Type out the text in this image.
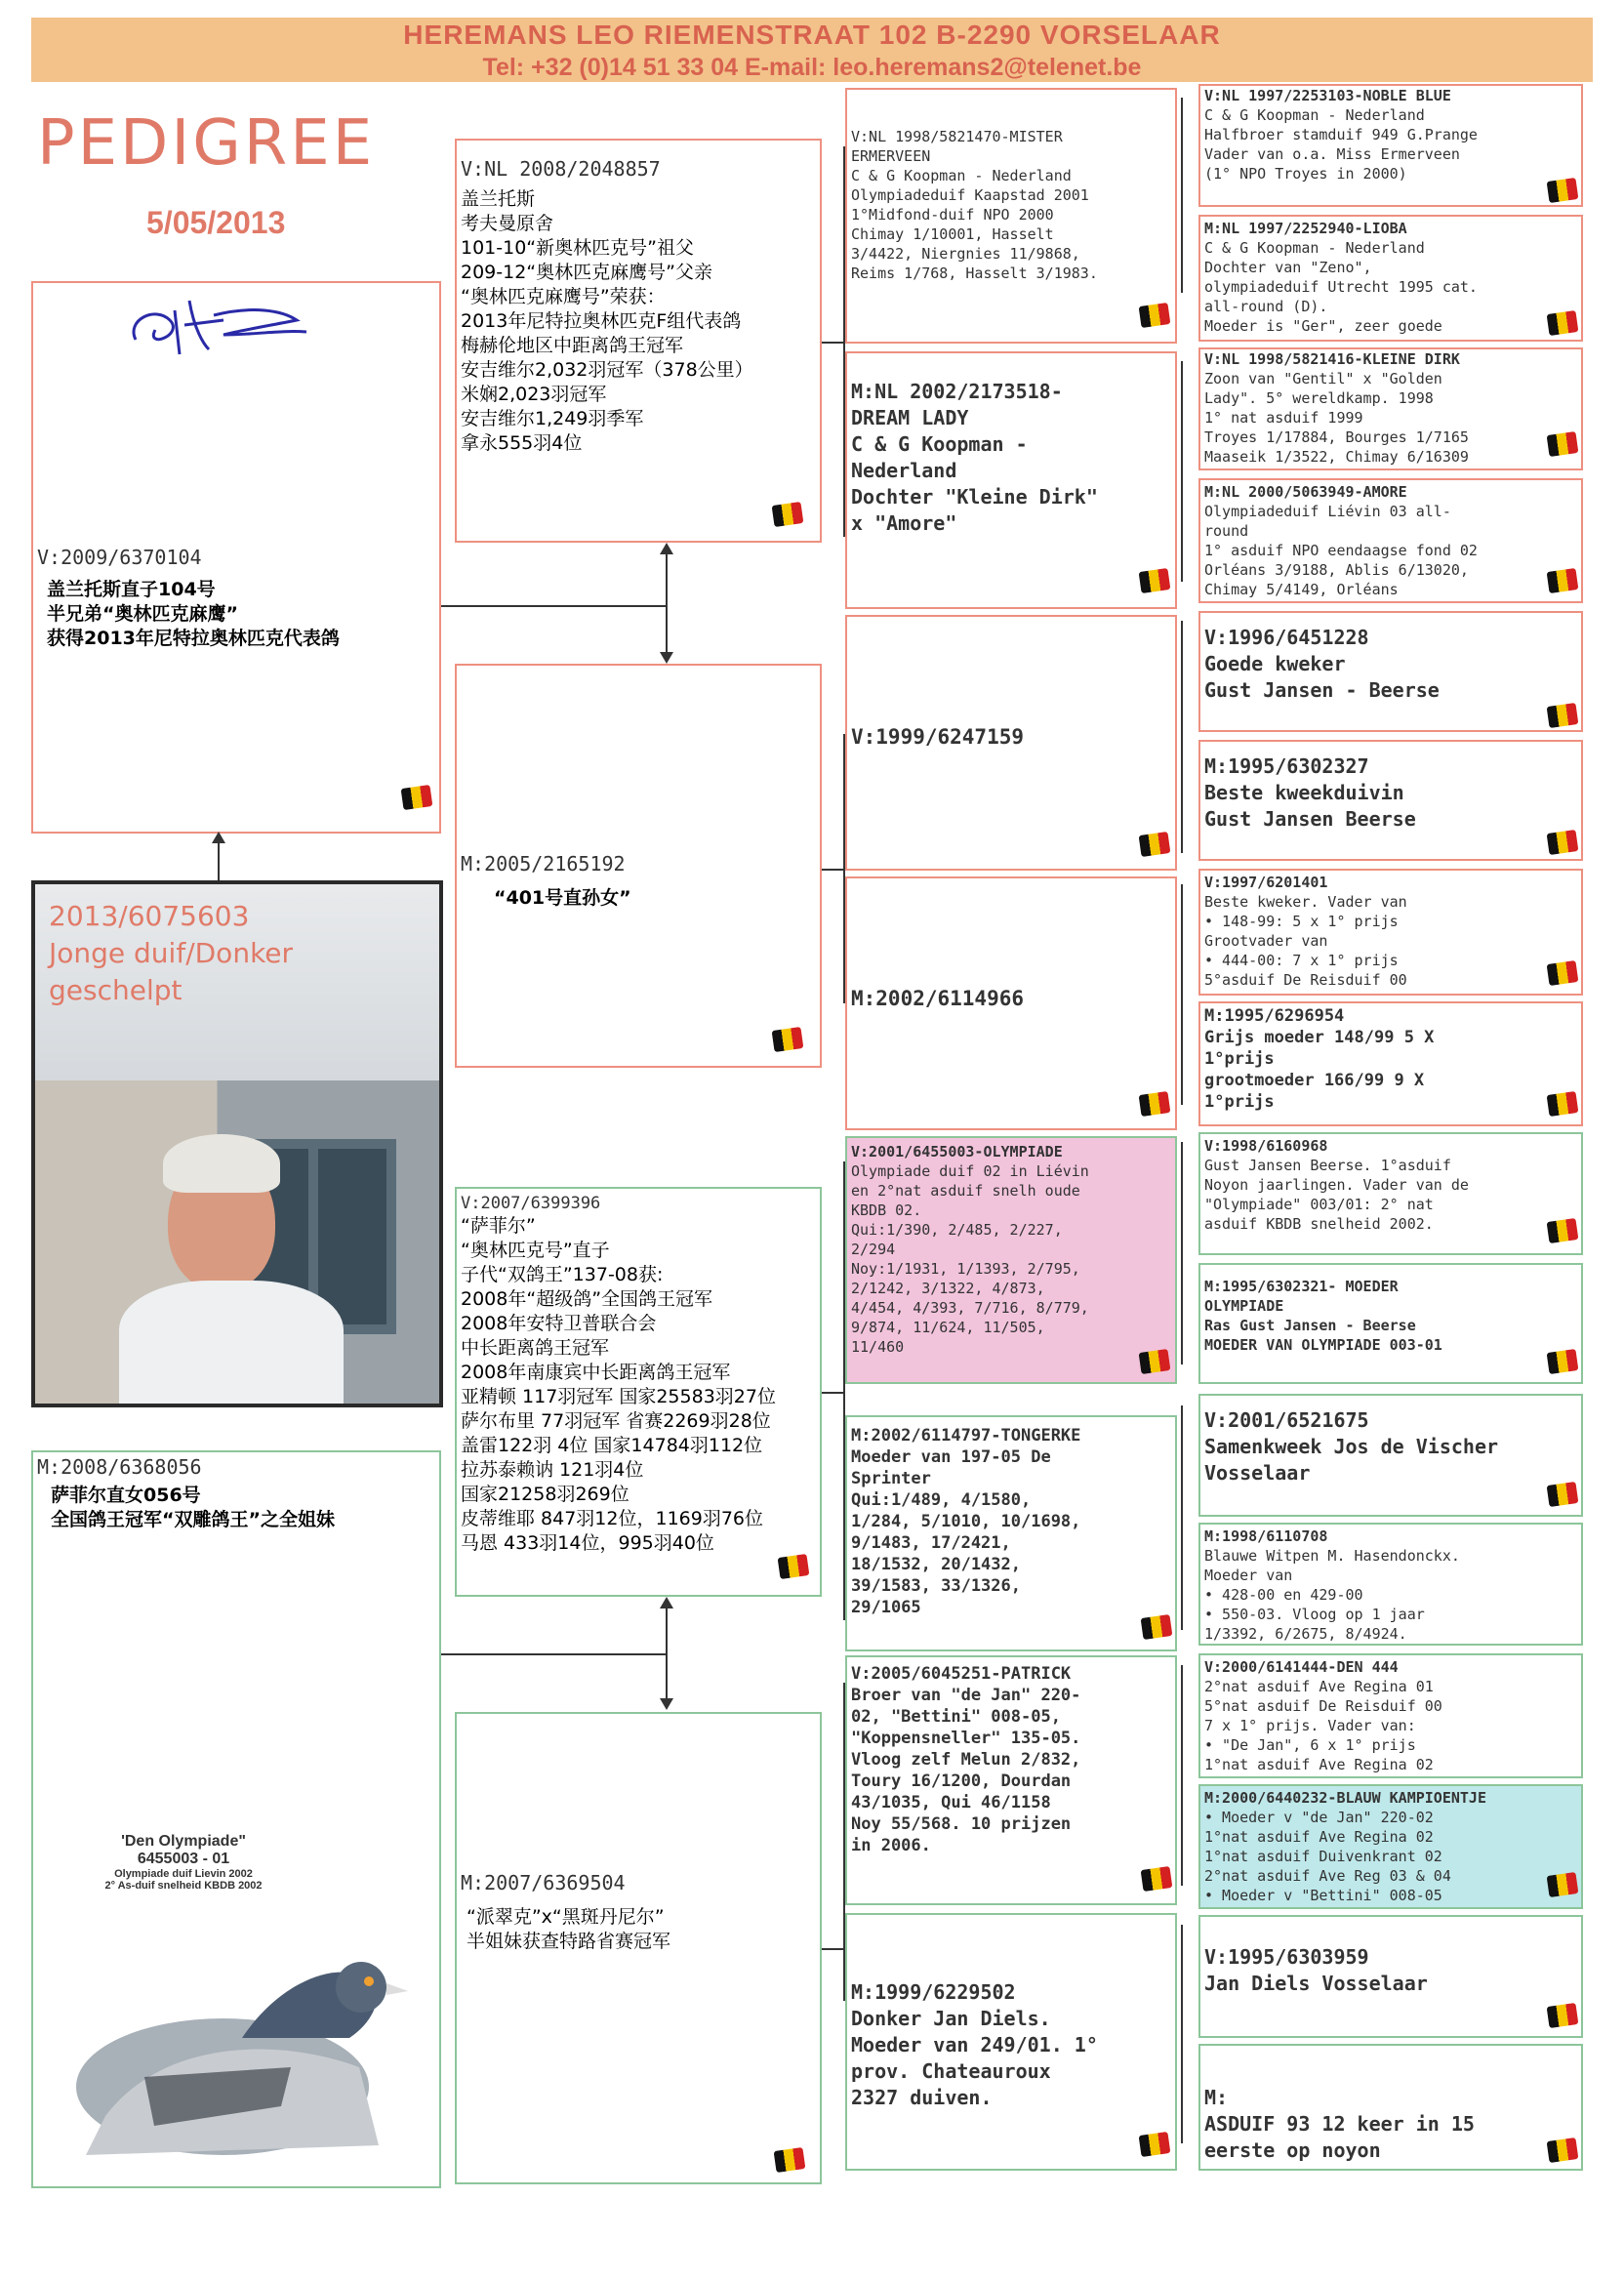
HEREMANS LEO RIEMENSTRAAT 102 B-2290 VORSELAAR
Tel: +32 (0)14 51 33 04 E-mail: leo.heremans2@telenet.be
PEDIGREE
5/05/2013
V:2009/6370104

盖兰托斯直子104号

半兄弟“奥林匹克麻鹰”

获得2013年尼特拉奥林匹克代表鸽

2013/6075603
Jonge duif/Donker
geschelpt
M:2008/6368056

萨菲尔直女056号

全国鸽王冠军“双雕鸽王”之全姐妹

'Den Olympiade"
6455003 - 01
Olympiade duif Lievin 2002
2° As-duif snelheid KBDB 2002
V:NL 2008/2048857

盖兰托斯

考夫曼原舍

101-10“新奥林匹克号”祖父

209-12“奥林匹克麻鹰号”父亲

“奥林匹克麻鹰号”荣获：

2013年尼特拉奥林匹克F组代表鸽

梅赫伦地区中距离鸽王冠军

安吉维尔2,032羽冠军（378公里）

米娴2,023羽冠军

安吉维尔1,249羽季军

拿永555羽4位

M:2005/2165192

“401号直孙女”

V:2007/6399396

“萨菲尔”

“奥林匹克号”直子

子代“双鸽王”137-08获:

2008年“超级鸽”全国鸽王冠军

2008年安特卫普联合会

中长距离鸽王冠军

2008年南康宾中长距离鸽王冠军

亚精顿 117羽冠军 国家25583羽27位

萨尔布里 77羽冠军 省赛2269羽28位

盖雷122羽 4位 国家14784羽112位

拉苏泰赖讷 121羽4位

国家21258羽269位

皮蒂维耶 847羽12位，1169羽76位

马恩 433羽14位，995羽40位

M:2007/6369504

“派翠克”x“黑斑丹尼尔”

半姐妹获查特路省赛冠军

V:NL 1998/5821470-MISTER
ERMERVEEN
C & G Koopman - Nederland
Olympiadeduif Kaapstad 2001
1°Midfond-duif NPO 2000
Chimay 1/10001, Hasselt
3/4422, Niergnies 11/9868,
Reims 1/768, Hasselt 3/1983.
M:NL 2002/2173518-
DREAM LADY
C & G Koopman -
Nederland
Dochter "Kleine Dirk"
x "Amore"
V:1999/6247159
M:2002/6114966
V:2001/6455003-OLYMPIADE
Olympiade duif 02 in Liévin
en 2°nat asduif snelh oude
KBDB 02.
Qui:1/390, 2/485, 2/227,
2/294
Noy:1/1931, 1/1393, 2/795,
2/1242, 3/1322, 4/873,
4/454, 4/393, 7/716, 8/779,
9/874, 11/624, 11/505,
11/460
M:2002/6114797-TONGERKE
Moeder van 197-05 De
Sprinter
Qui:1/489, 4/1580,
1/284, 5/1010, 10/1698,
9/1483, 17/2421,
18/1532, 20/1432,
39/1583, 33/1326,
29/1065
V:2005/6045251-PATRICK
Broer van "de Jan" 220-
02, "Bettini" 008-05,
"Koppensneller" 135-05.
Vloog zelf Melun 2/832,
Toury 16/1200, Dourdan
43/1035, Qui 46/1158
Noy 55/568. 10 prijzen
in 2006.
M:1999/6229502
Donker Jan Diels.
Moeder van 249/01. 1°
prov. Chateauroux
2327 duiven.
V:NL 1997/2253103-NOBLE BLUE
C & G Koopman - Nederland
Halfbroer stamduif 949 G.Prange
Vader van o.a. Miss Ermerveen
(1° NPO Troyes in 2000)
M:NL 1997/2252940-LIOBA
C & G Koopman - Nederland
Dochter van "Zeno",
olympiadeduif Utrecht 1995 cat.
all-round (D).
Moeder is "Ger", zeer goede
V:NL 1998/5821416-KLEINE DIRK
Zoon van "Gentil" x "Golden
Lady". 5° wereldkamp. 1998
1° nat asduif 1999
Troyes 1/17884, Bourges 1/7165
Maaseik 1/3522, Chimay 6/16309
M:NL 2000/5063949-AMORE
Olympiadeduif Liévin 03 all-
round
1° asduif NPO eendaagse fond 02
Orléans 3/9188, Ablis 6/13020,
Chimay 5/4149, Orléans
V:1996/6451228
Goede kweker
Gust Jansen - Beerse
M:1995/6302327
Beste kweekduivin
Gust Jansen Beerse
V:1997/6201401
Beste kweker. Vader van
• 148-99: 5 x 1° prijs
Grootvader van
• 444-00: 7 x 1° prijs
5°asduif De Reisduif 00
M:1995/6296954
Grijs moeder 148/99 5 X
1°prijs
grootmoeder 166/99 9 X
1°prijs
V:1998/6160968
Gust Jansen Beerse. 1°asduif
Noyon jaarlingen. Vader van de
"Olympiade" 003/01: 2° nat
asduif KBDB snelheid 2002.
M:1995/6302321- MOEDER
OLYMPIADE
Ras Gust Jansen - Beerse
MOEDER VAN OLYMPIADE 003-01
V:2001/6521675
Samenkweek Jos de Vischer
Vosselaar
M:1998/6110708
Blauwe Witpen M. Hasendonckx.
Moeder van
• 428-00 en 429-00
• 550-03. Vloog op 1 jaar
1/3392, 6/2675, 8/4924.
V:2000/6141444-DEN 444
2°nat asduif Ave Regina 01
5°nat asduif De Reisduif 00
7 x 1° prijs. Vader van:
• "De Jan", 6 x 1° prijs
1°nat asduif Ave Regina 02
M:2000/6440232-BLAUW KAMPIOENTJE
• Moeder v "de Jan" 220-02
1°nat asduif Ave Regina 02
1°nat asduif Duivenkrant 02
2°nat asduif Ave Reg 03 & 04
• Moeder v "Bettini" 008-05
V:1995/6303959
Jan Diels Vosselaar
M:
ASDUIF 93 12 keer in 15
eerste op noyon
